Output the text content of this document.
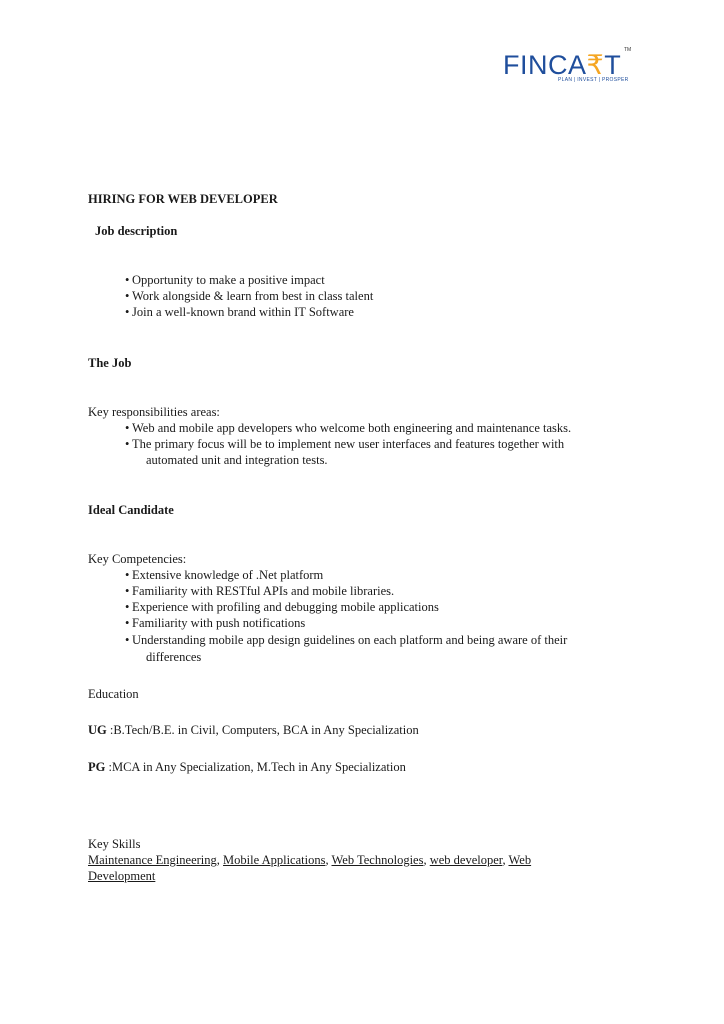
FINCA₹T TM
PLAN | INVEST | PROSPER
HIRING FOR WEB DEVELOPER
Job description
• Opportunity to make a positive impact
• Work alongside & learn from best in class talent
• Join a well-known brand within IT Software
The Job
Key responsibilities areas:
• Web and mobile app developers who welcome both engineering and maintenance tasks.
• The primary focus will be to implement new user interfaces and features together with
automated unit and integration tests.
Ideal Candidate
Key Competencies:
• Extensive knowledge of .Net platform
• Familiarity with RESTful APIs and mobile libraries.
• Experience with profiling and debugging mobile applications
• Familiarity with push notifications
• Understanding mobile app design guidelines on each platform and being aware of their
differences
Education
UG :B.Tech/B.E. in Civil, Computers, BCA in Any Specialization
PG :MCA in Any Specialization, M.Tech in Any Specialization
Key Skills
Maintenance Engineering, Mobile Applications, Web Technologies, web developer, Web
Development
